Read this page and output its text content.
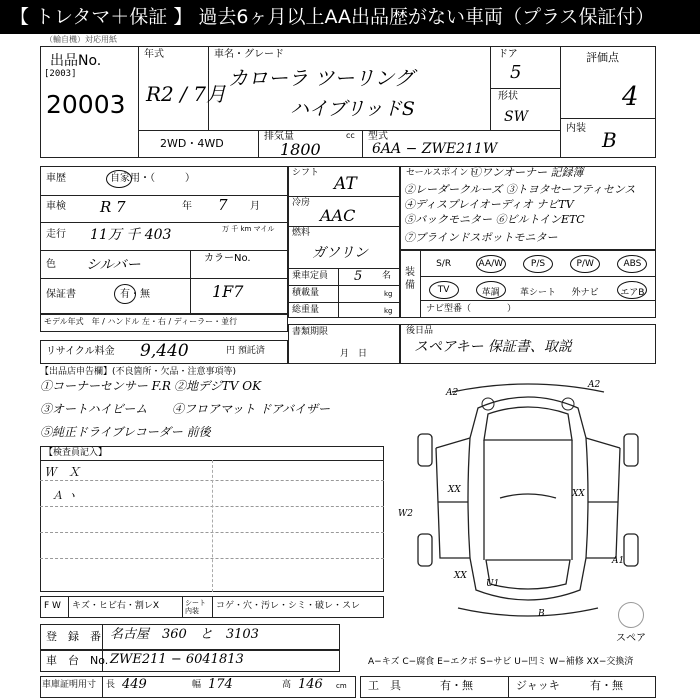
【 トレタマ＋保証 】 過去6ヶ月以上AA出品歴がない車両（プラス保証付）
（輸自機）対応用紙
出品No.
[2003]
20003
年式
R2 / 7月
車名・グレード
カローラ ツーリング
ハイブリッドS
ドア
5
形状
SW
評価点
4
内装 B
2WD・4WD
排気量	cc
1800
型式
6AA − ZWE211W
車歴	自家用・（　　　）
車検 R 7	年 7 月
走行 11万 千 403	万 千 km マイル
色 シルバー	カラーNo.
1F7
保証書	有・無
モデル年式　年 / ハンドル 左・右 / ディーラー・並行
リサイクル料金 9,440	円 預託済
シフト
AT
冷房
AAC
燃料
ガソリン
乗車定員 5 名
積載量	kg
総重量	kg
書類期限
月　日
セールスポイント
①ワンオーナー 記録簿
②レーダークルーズ ③トヨタセーフティセンス
④ディスプレイオーディオ ナビTV
⑤バックモニター ⑥ビルトインETC
⑦ブラインドスポットモニター
装備
S/R	AA/W	P/S	P/W	ABS
TV	革調	革シート	外ナビ	エアB
ナビ型番（　　　　）
後日品
スペアキー 保証書、取説
【出品店申告欄】(不良箇所・欠品・注意事項等)
①コーナーセンサー F.R ②地デジTV OK
③オートハイビーム ④フロアマット ドアバイザー
⑤純正ドライブレコーダー 前後
【検査員記入】
Ｗ　Ｘ
Ａ ヽ
A2
A2
XX	XX
W2
U1
XX
A1
B
スペア
F W キズ・ヒビ右・割レX	シート内装	コゲ・穴・汚レ・シミ・破レ・スレ
登　録　番 名古屋　360　と　3103
車　台　No. ZWE211 − 6041813	A−キズ C−腐食 E−エクボ S−サビ U−凹ミ W−補修 XX−交換済
車庫証明用寸 長 449	幅 174	高 146 cm 工　具	有・無	ジャッキ	有・無
